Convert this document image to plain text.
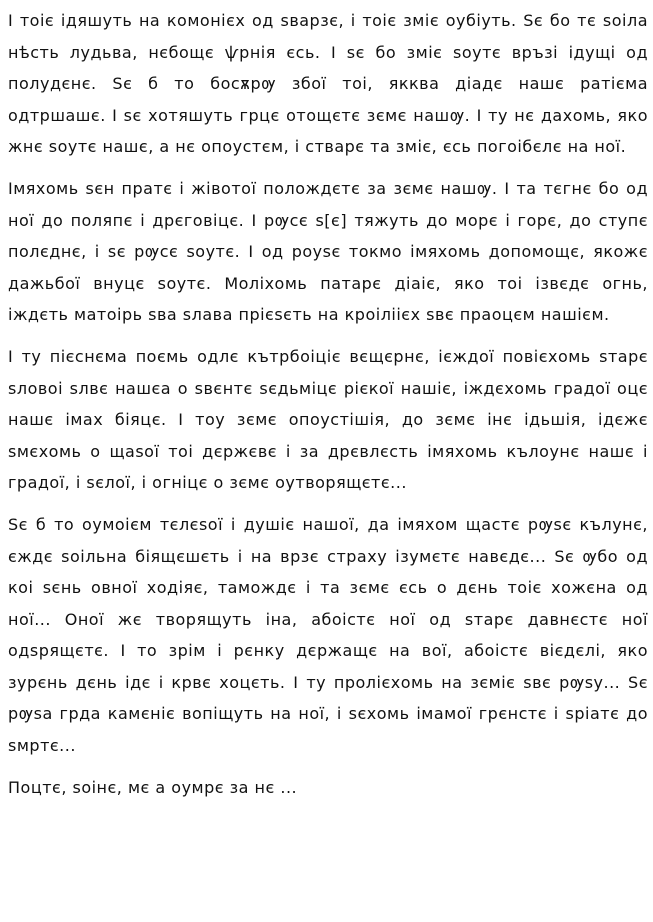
І тоіє ідяшуть на комонієх од ѕварзє, і тоіє зміє оубіуть. Ѕє бо тє ѕоіла нѣсть лудьва, нєбощє ѱрнія єсь. І ѕє бо зміє ѕоутє връзі ідущі од полудєнє. Ѕє б то босѫрѹ збої тоі, якква діадє нашє ратієма одтршашє. І ѕє хотяшуть грцє отощєтє зємє нашѹ. І ту нє дахомь, яко жнє ѕоутє нашє, а нє опоустєм, і стварє та зміє, єсь погоібєлє на ної.

Імяхомь ѕєн пратє і жівотої полождєтє за зємє нашѹ. І та тєгнє бо од ної до поляпє і дрєговіцє. І рѹсє ѕ[є] тяжуть до морє і горє, до ступє полєднє, і ѕє рѹсє ѕоутє. І од роуѕє токмо імяхомь допомощє, якожє дажьбої внуцє ѕоутє. Моліхомь патарє діаіє, яко тоі ізвєдє огнь, іждєть матоірь ѕва ѕлава прієѕєть на кроіліієх ѕвє праоцєм нашієм.

І ту пієснєма поємь одлє кътрбоіціє вєщєрнє, ієждої повієхомь ѕтарє ѕловоі ѕлвє нашєа о ѕвєнтє ѕєдьміцє рієкої нашіє, іждєхомь градої оцє нашє імах біяцє. І тоу зємє опоустішія, до зємє інє ідьшія, ідєжє ѕмєхомь о щаѕої тоі дєржєвє і за дрєвлєсть імяхомь кълоунє нашє і градої, і ѕєлої, і огніцє о зємє оутворящєтє...

Ѕє б то оумоієм тєлєѕої і душіє нашої, да імяхом щастє рѹѕє кълунє, єждє ѕоільна біящєшєть і на врзє страху ізумєтє навєдє... Ѕє ѹбо од коі ѕєнь овної ходіяє, тамождє і та зємє єсь о дєнь тоіє хожєна од ної... Оної жє творящуть іна, абоістє ної од ѕтарє давнєстє ної одѕрящєтє. І то зрім і рєнку дєржащє на вої, абоістє вієдєлі, яко зурєнь дєнь ідє і крвє хоцєть. І ту пролієхомь на зєміє ѕвє рѹѕу... Ѕє рѹѕа грда камєніє вопіщуть на ної, і ѕєхомь імамої грєнстє і ѕріатє до ѕмртє...

Поцтє, ѕоінє, мє а оумрє за нє ...
